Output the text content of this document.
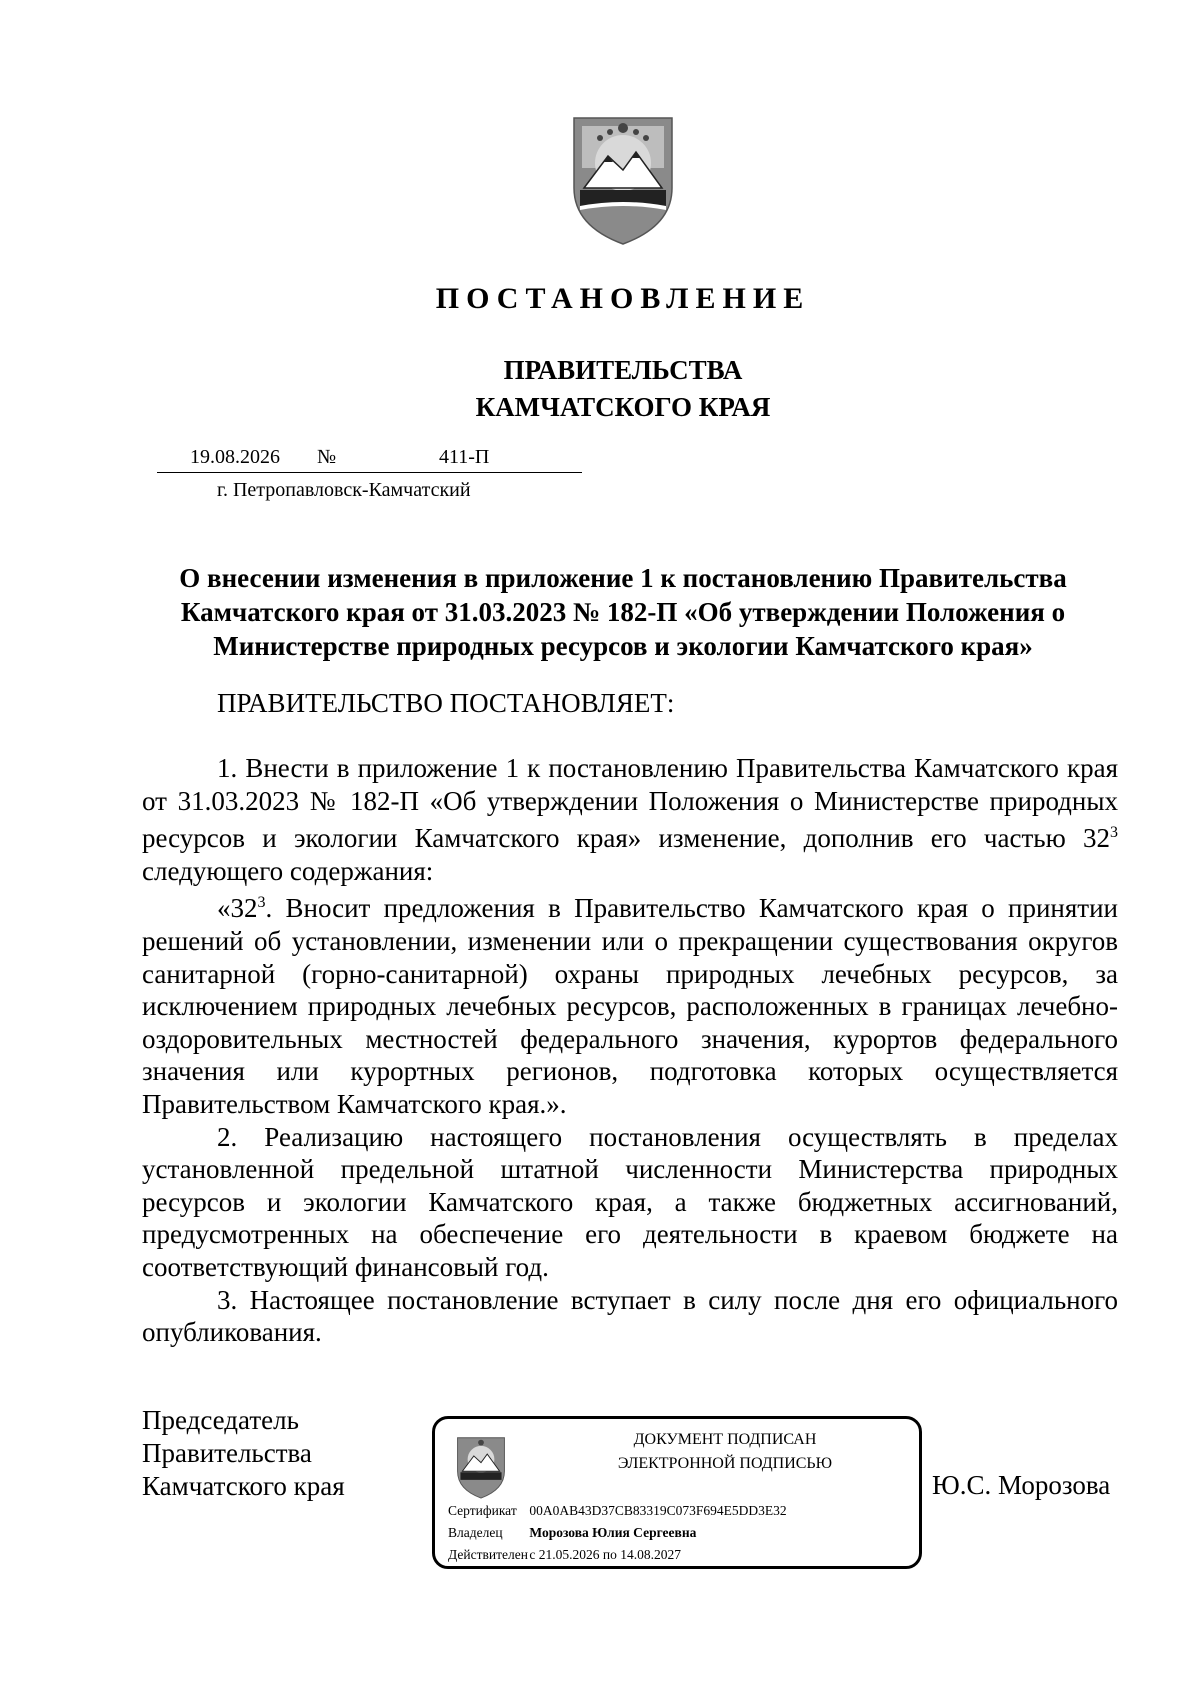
ПОСТАНОВЛЕНИЕ
ПРАВИТЕЛЬСТВА
КАМЧАТСКОГО КРАЯ
19.08.2026 №	411-П
г. Петропавловск-Камчатский
О внесении изменения в приложение 1 к постановлению Правительства
Камчатского края от 31.03.2023 № 182-П «Об утверждении Положения о
Министерстве природных ресурсов и экологии Камчатского края»
ПРАВИТЕЛЬСТВО ПОСТАНОВЛЯЕТ:

1. Внести в приложение 1 к постановлению Правительства Камчатского края от 31.03.2023 № 182-П «Об утверждении Положения о Министерстве природных ресурсов и экологии Камчатского края» изменение, дополнив его частью $32^3$ следующего содержания:

«$32^3$. Вносит предложения в Правительство Камчатского края о принятии решений об установлении, изменении или о прекращении существования округов санитарной (горно-санитарной) охраны природных лечебных ресурсов, за исключением природных лечебных ресурсов, расположенных в границах лечебно-оздоровительных местностей федерального значения, курортов федерального значения или курортных регионов, подготовка которых осуществляется Правительством Камчатского края.».

2. Реализацию настоящего постановления осуществлять в пределах установленной предельной штатной численности Министерства природных ресурсов и экологии Камчатского края, а также бюджетных ассигнований, предусмотренных на обеспечение его деятельности в краевом бюджете на соответствующий финансовый год.

3. Настоящее постановление вступает в силу после дня его официального опубликования.

Председатель
Правительства
Камчатского края
ДОКУМЕНТ ПОДПИСАН
ЭЛЕКТРОННОЙ ПОДПИСЬЮ
Сертификат 00A0AB43D37CB83319C073F694E5DD3E32
Владелец Морозова Юлия Сергеевна
Действителен с 21.05.2026 по 14.08.2027
Ю.С. Морозова
